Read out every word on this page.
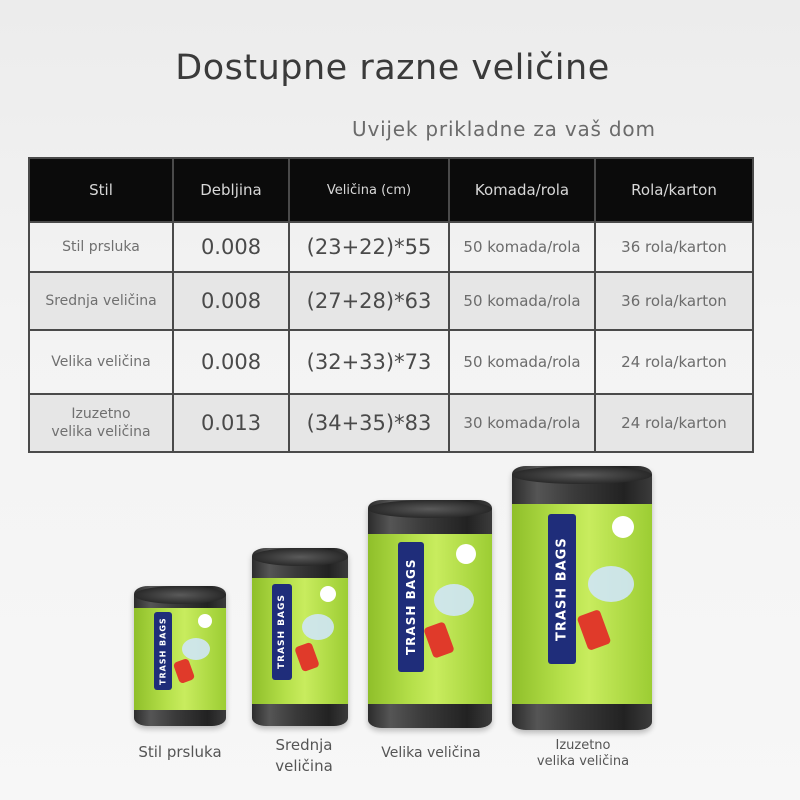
Dostupne razne veličine
Uvijek prikladne za vaš dom
Stil	Debljina	Veličina (cm)	Komada/rola	Rola/karton
Stil prsluka	0.008	(23+22)*55	50 komada/rola	36 rola/karton
Srednja veličina	0.008	(27+28)*63	50 komada/rola	36 rola/karton
Velika veličina	0.008	(32+33)*73	50 komada/rola	24 rola/karton

Izuzetno
velika veličina	0.013	(34+35)*83	30 komada/rola	24 rola/karton
TRASH BAGS
Stil prsluka
TRASH BAGS
Srednja
veličina
TRASH BAGS
Velika veličina
TRASH BAGS
Izuzetno
velika veličina
